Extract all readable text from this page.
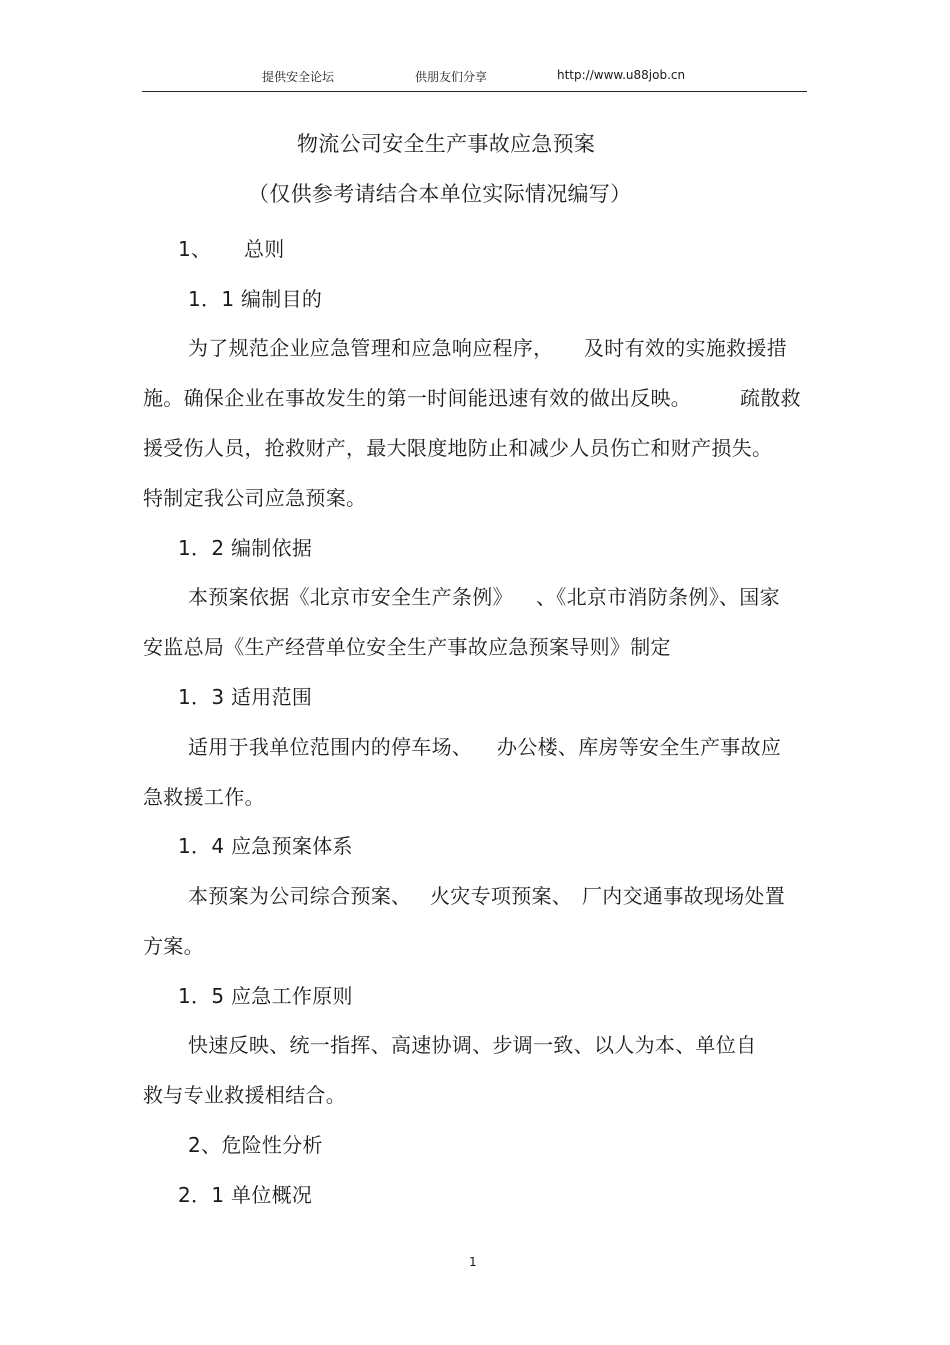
提供安全论坛	供朋友们分享	http://www.u88job.cn
物流公司安全生产事故应急预案
（仅供参考请结合本单位实际情况编写）
1、 总则
1．1 编制目的
为了规范企业应急管理和应急响应程序， 及时有效的实施救援措
施。确保企业在事故发生的第一时间能迅速有效的做出反映。 疏散救
援受伤人员，抢救财产，最大限度地防止和减少人员伤亡和财产损失。
特制定我公司应急预案。
1．2 编制依据
本预案依据《北京市安全生产条例》 、《北京市消防条例》、国家
安监总局《生产经营单位安全生产事故应急预案导则》制定
1．3 适用范围
适用于我单位范围内的停车场、 办公楼、库房等安全生产事故应
急救援工作。
1．4 应急预案体系
本预案为公司综合预案、 火灾专项预案、 厂内交通事故现场处置
方案。
1．5 应急工作原则
快速反映、统一指挥、高速协调、步调一致、以人为本、单位自
救与专业救援相结合。
2、危险性分析
2．1 单位概况
1
